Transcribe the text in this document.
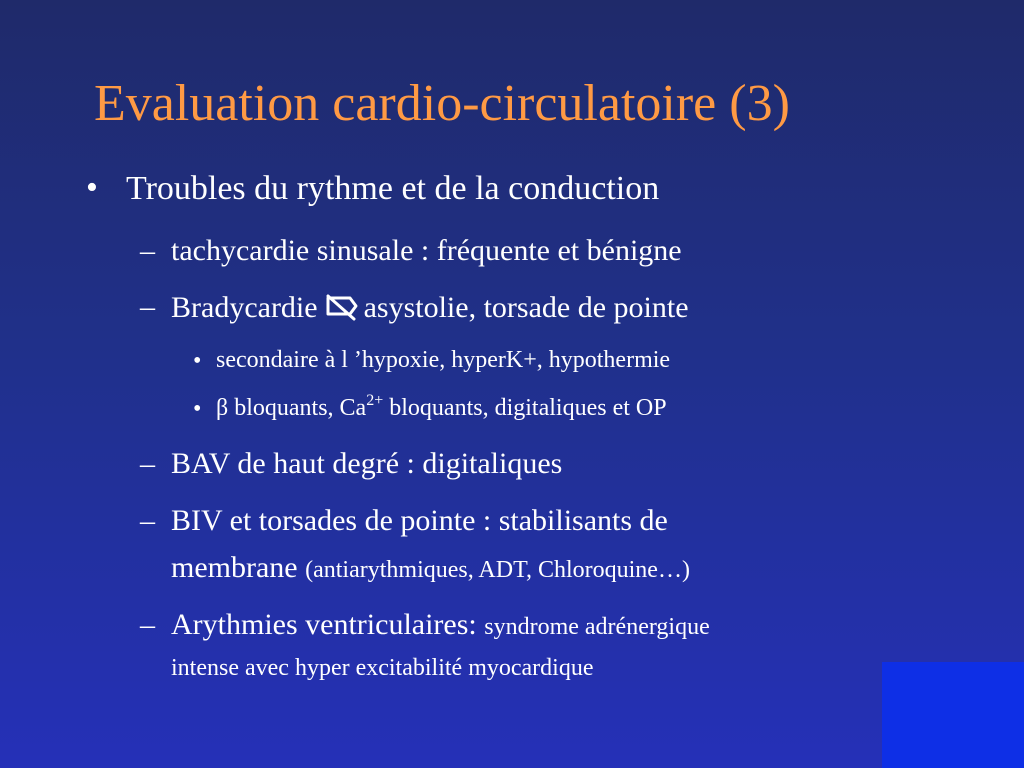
Evaluation cardio-circulatoire (3)
• Troubles du rythme et de la conduction
– tachycardie sinusale : fréquente et bénigne
– Bradycardie asystolie, torsade de pointe
• secondaire à l ’hypoxie, hyperK+, hypothermie
• β bloquants, $Ca^{2+}$ bloquants, digitaliques et OP
– BAV de haut degré : digitaliques
– BIV et torsades de pointe : stabilisants de
membrane (antiarythmiques, ADT, Chloroquine…)
– Arythmies ventriculaires: syndrome adrénergique
intense avec hyper excitabilité myocardique
